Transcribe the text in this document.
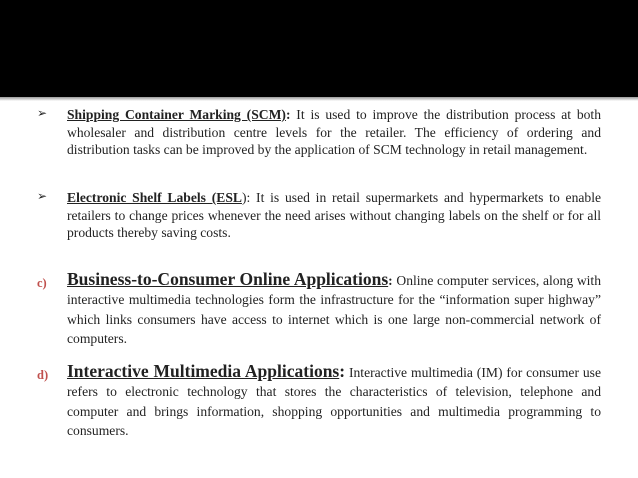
➢ Shipping Container Marking (SCM): It is used to improve the distribution process at both wholesaler and distribution centre levels for the retailer. The efficiency of ordering and distribution tasks can be improved by the application of SCM technology in retail management.
➢ Electronic Shelf Labels (ESL): It is used in retail supermarkets and hypermarkets to enable retailers to change prices whenever the need arises without changing labels on the shelf or for all products thereby saving costs.
c) Business-to-Consumer Online Applications: Online computer services, along with interactive multimedia technologies form the infrastructure for the “information super highway” which links consumers have access to internet which is one large non-commercial network of computers.
d) Interactive Multimedia Applications: Interactive multimedia (IM) for consumer use refers to electronic technology that stores the characteristics of television, telephone and computer and brings information, shopping opportunities and multimedia programming to consumers.
